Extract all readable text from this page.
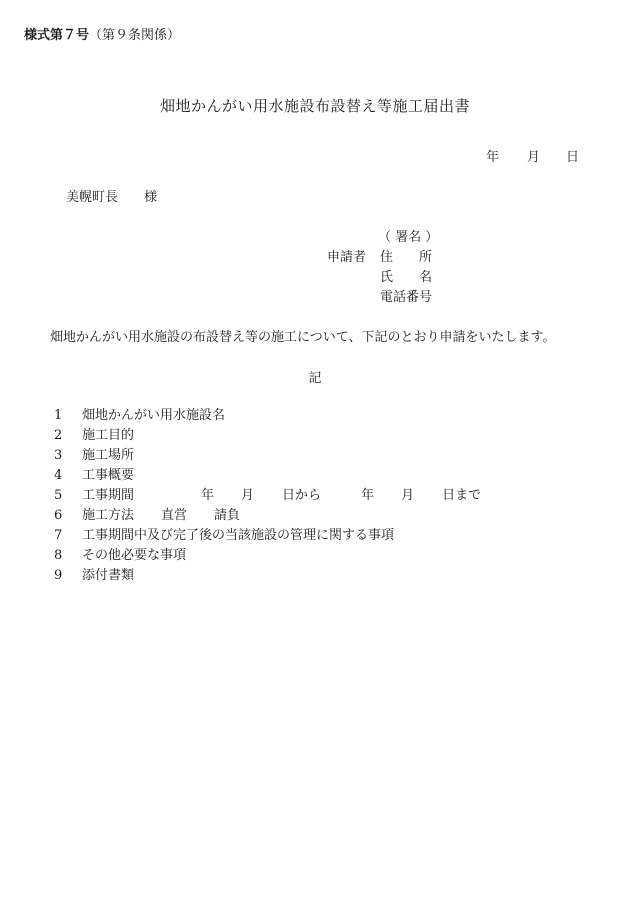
様式第７号（第９条関係）
畑地かんがい用水施設布設替え等施工届出書
年 月 日
美幌町長 様
（ 署名 ）
申請者 住　　所
氏　　名
電話番号
畑地かんがい用水施設の布設替え等の施工について、下記のとおり申請をいたします。
記
1	畑地かんがい用水施設名
2	施工目的
3	施工場所
4	工事概要
5	工事期間	年 月 日から	年 月 日まで
6	施工方法 直営 請負
7	工事期間中及び完了後の当該施設の管理に関する事項
8	その他必要な事項
9	添付書類
